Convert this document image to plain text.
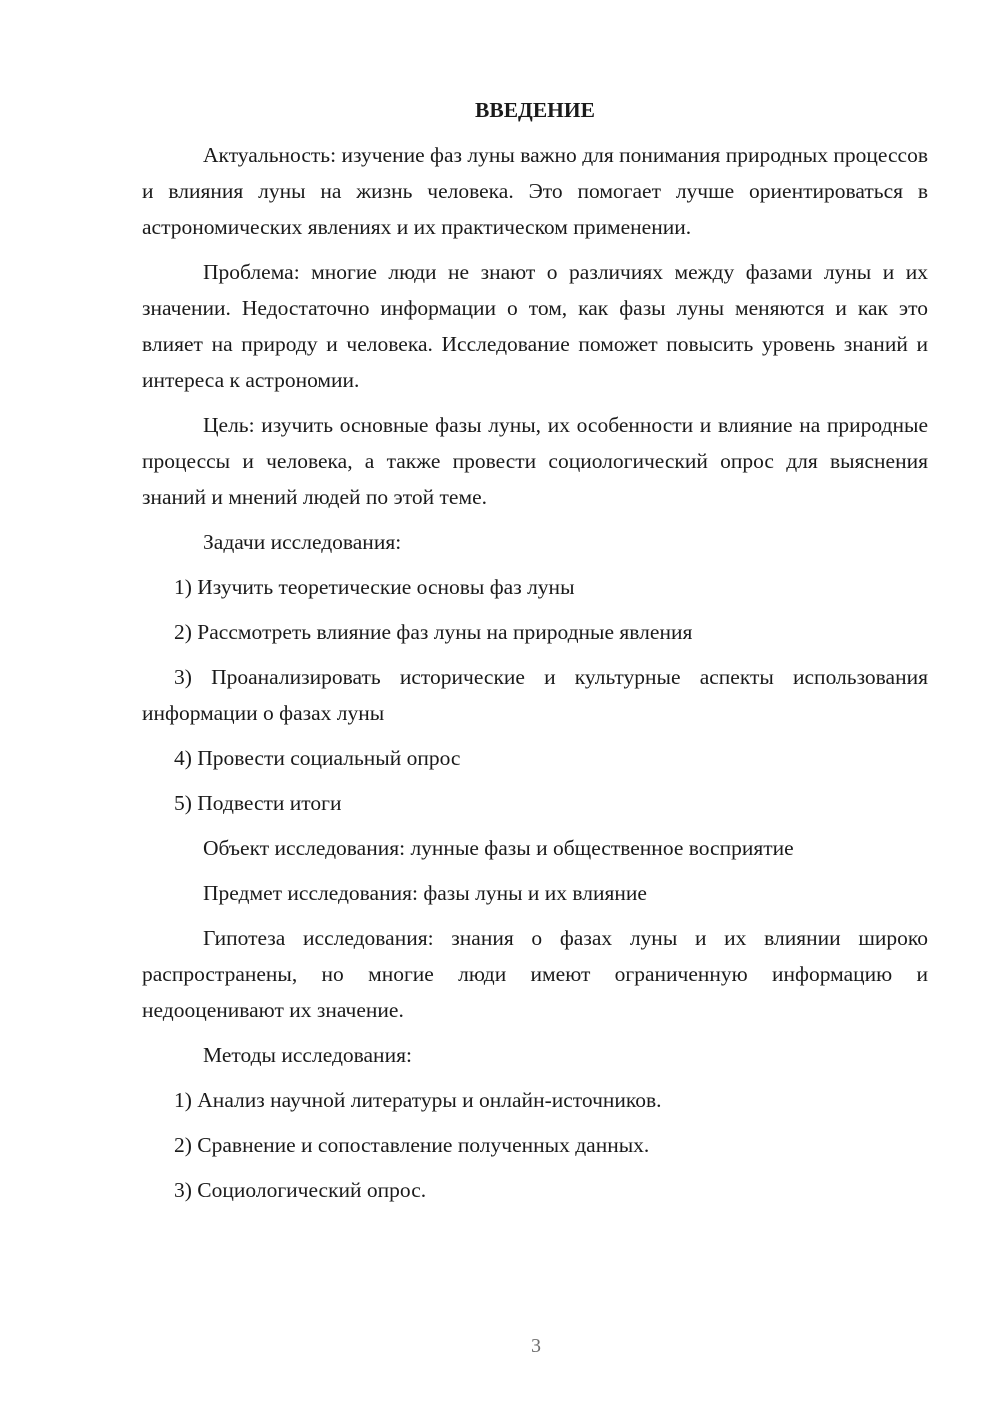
ВВЕДЕНИЕ

Актуальность: изучение фаз луны важно для понимания природных процессов и влияния луны на жизнь человека. Это помогает лучше ориентироваться в астрономических явлениях и их практическом применении.

Проблема: многие люди не знают о различиях между фазами луны и их значении. Недостаточно информации о том, как фазы луны меняются и как это влияет на природу и человека. Исследование поможет повысить уровень знаний и интереса к астрономии.

Цель: изучить основные фазы луны, их особенности и влияние на природные процессы и человека, а также провести социологический опрос для выяснения знаний и мнений людей по этой теме.

Задачи исследования:

1) Изучить теоретические основы фаз луны

2) Рассмотреть влияние фаз луны на природные явления

3) Проанализировать исторические и культурные аспекты использования информации о фазах луны

4) Провести социальный опрос

5) Подвести итоги

Объект исследования: лунные фазы и общественное восприятие

Предмет исследования: фазы луны и их влияние

Гипотеза исследования: знания о фазах луны и их влиянии широко распространены, но многие люди имеют ограниченную информацию и недооценивают их значение.

Методы исследования:

1) Анализ научной литературы и онлайн-источников.

2) Сравнение и сопоставление полученных данных.

3) Социологический опрос.

3
